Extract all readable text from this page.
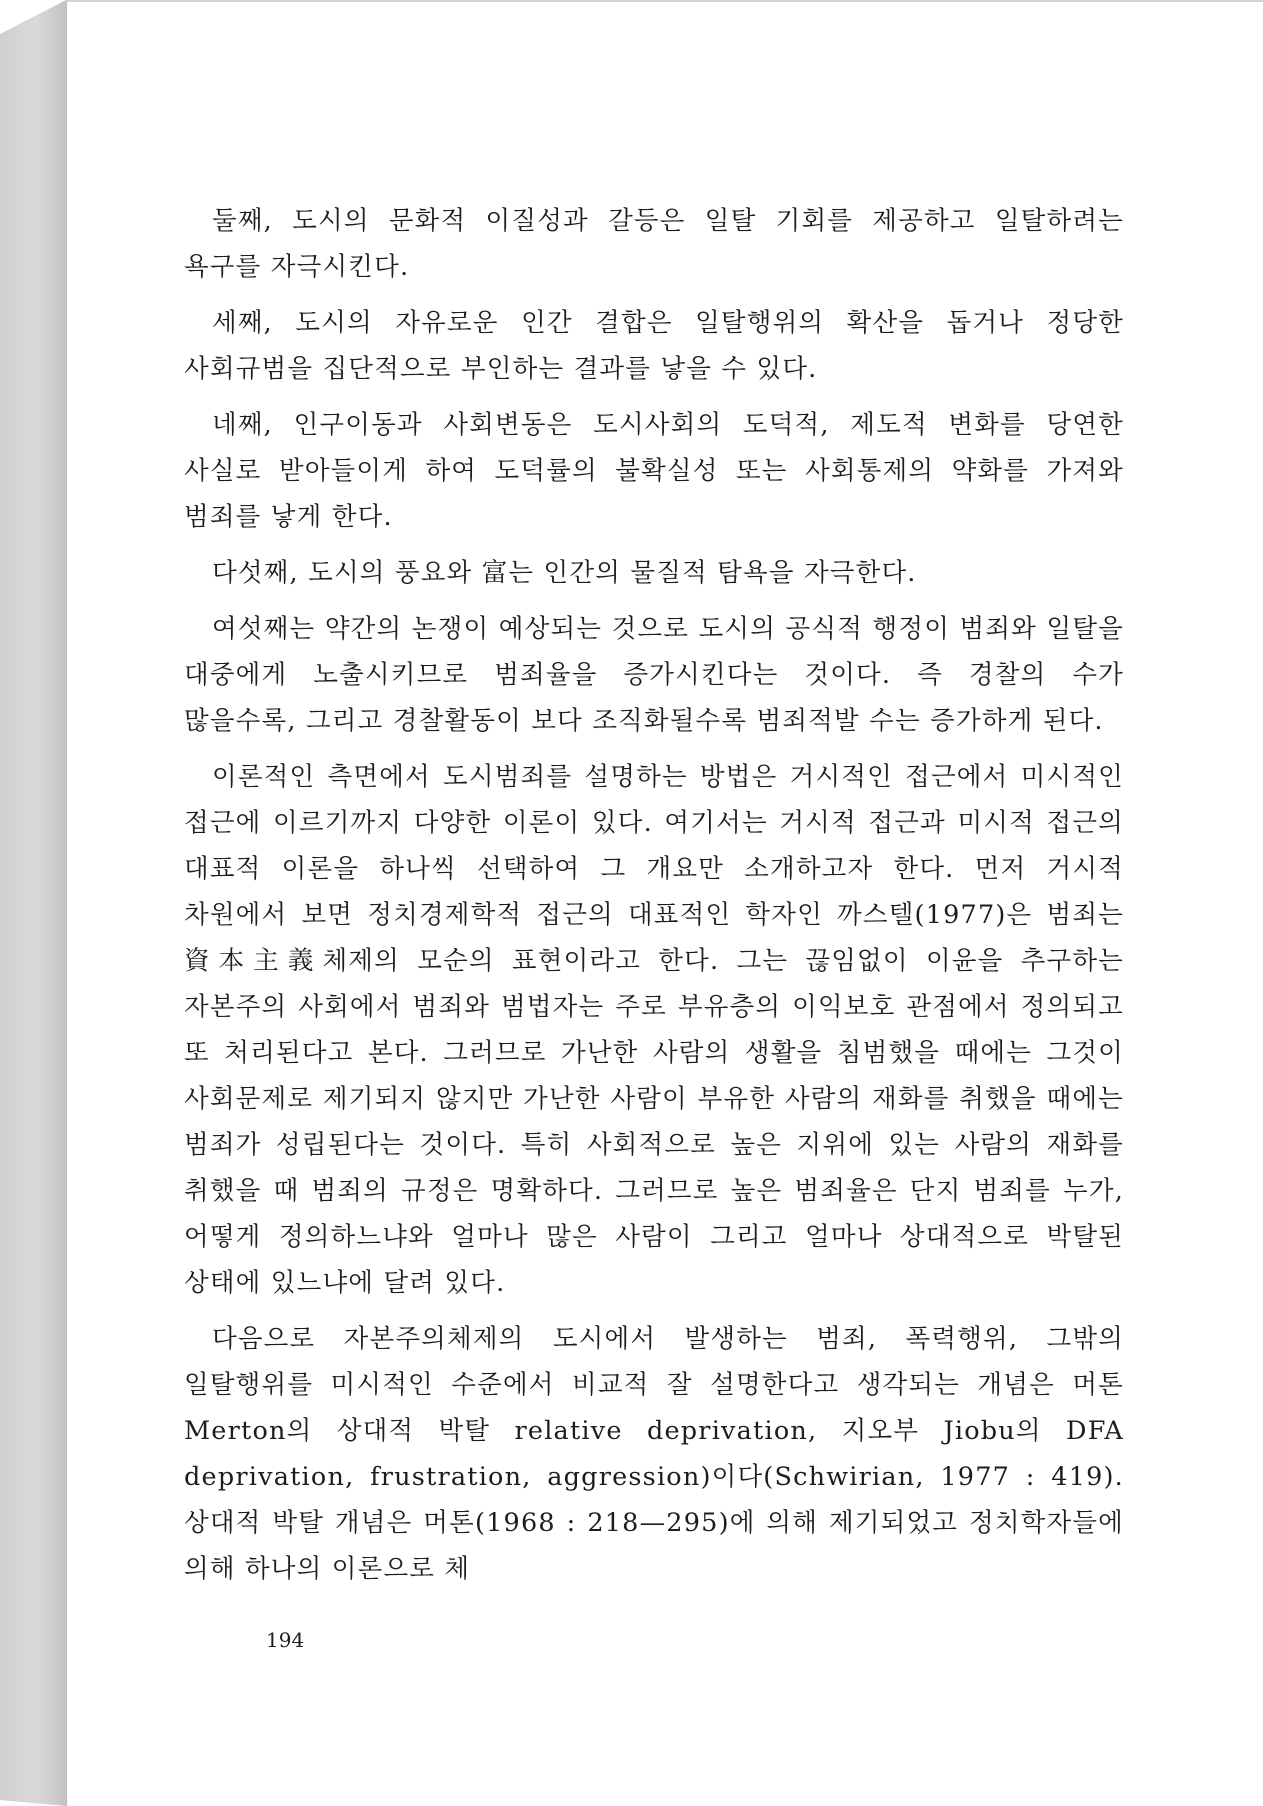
둘째, 도시의 문화적 이질성과 갈등은 일탈 기회를 제공하고 일탈하려는 욕구를 자극시킨다.

세째, 도시의 자유로운 인간 결합은 일탈행위의 확산을 돕거나 정당한 사회규범을 집단적으로 부인하는 결과를 낳을 수 있다.

네째, 인구이동과 사회변동은 도시사회의 도덕적, 제도적 변화를 당연한 사실로 받아들이게 하여 도덕률의 불확실성 또는 사회통제의 약화를 가져와 범죄를 낳게 한다.

다섯째, 도시의 풍요와 富는 인간의 물질적 탐욕을 자극한다.

여섯째는 약간의 논쟁이 예상되는 것으로 도시의 공식적 행정이 범죄와 일탈을 대중에게 노출시키므로 범죄율을 증가시킨다는 것이다. 즉 경찰의 수가 많을수록, 그리고 경찰활동이 보다 조직화될수록 범죄적발 수는 증가하게 된다.

이론적인 측면에서 도시범죄를 설명하는 방법은 거시적인 접근에서 미시적인 접근에 이르기까지 다양한 이론이 있다. 여기서는 거시적 접근과 미시적 접근의 대표적 이론을 하나씩 선택하여 그 개요만 소개하고자 한다. 먼저 거시적 차원에서 보면 정치경제학적 접근의 대표적인 학자인 까스텔(1977)은 범죄는 資本主義체제의 모순의 표현이라고 한다. 그는 끊임없이 이윤을 추구하는 자본주의 사회에서 범죄와 범법자는 주로 부유층의 이익보호 관점에서 정의되고 또 처리된다고 본다. 그러므로 가난한 사람의 생활을 침범했을 때에는 그것이 사회문제로 제기되지 않지만 가난한 사람이 부유한 사람의 재화를 취했을 때에는 범죄가 성립된다는 것이다. 특히 사회적으로 높은 지위에 있는 사람의 재화를 취했을 때 범죄의 규정은 명확하다. 그러므로 높은 범죄율은 단지 범죄를 누가, 어떻게 정의하느냐와 얼마나 많은 사람이 그리고 얼마나 상대적으로 박탈된 상태에 있느냐에 달려 있다.

다음으로 자본주의체제의 도시에서 발생하는 범죄, 폭력행위, 그밖의 일탈행위를 미시적인 수준에서 비교적 잘 설명한다고 생각되는 개념은 머톤 Merton의 상대적 박탈 relative deprivation, 지오부 Jiobu의 DFA deprivation, frustration, aggression)이다(Schwirian, 1977 : 419). 상대적 박탈 개념은 머톤(1968 : 218—295)에 의해 제기되었고 정치학자들에 의해 하나의 이론으로 체

194
